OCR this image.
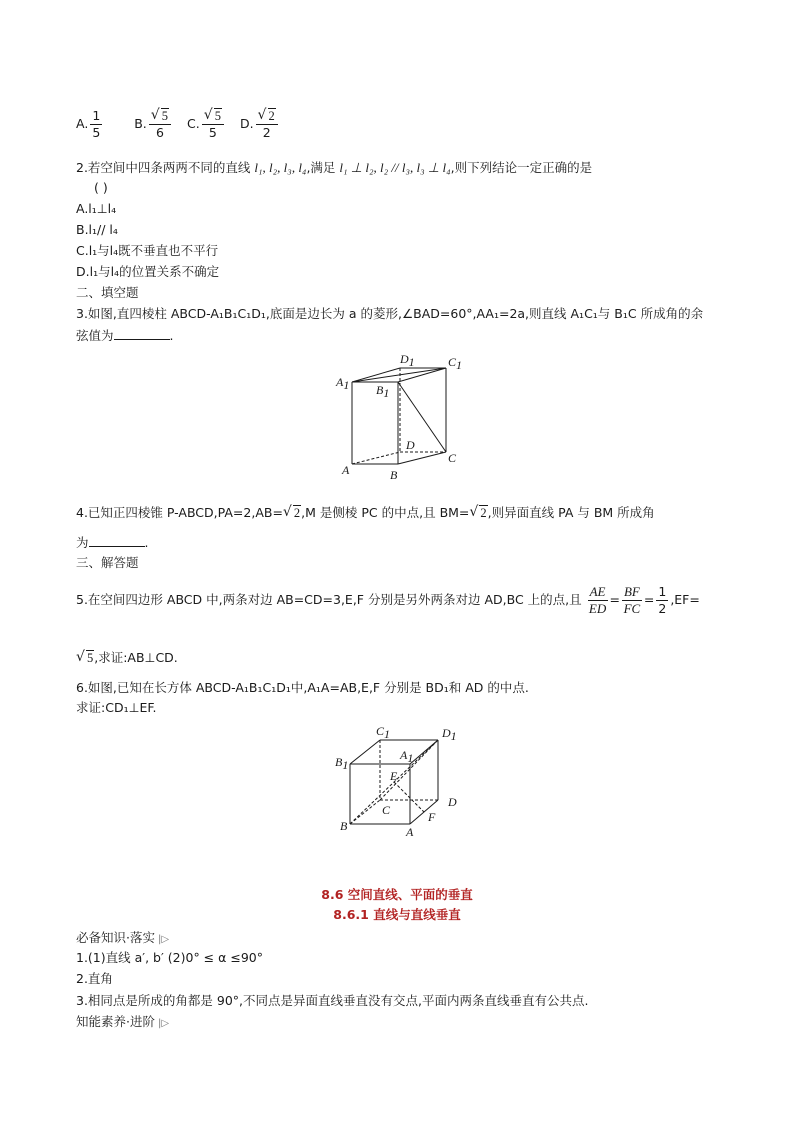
A. $\frac{1}{5}$	B. √ $\frac{5}{6} C$. √ $\frac{5}{5} D$. √ $\frac{2}{2}$
2.若空间中四条两两不同的直线 l₁, l₂, l₃, l₄,满足 l₁ ⊥ l₂, l₂ // l₃, l₃ ⊥ l₄,则下列结论一定正确的是
( )
A.l₁⊥l₄
B.l₁// l₄
C.l₁与l₄既不垂直也不平行
D.l₁与l₄的位置关系不确定
二、填空题
3.如图,直四棱柱 ABCD-A₁B₁C₁D₁,底面是边长为 a 的菱形,∠BAD=60°,AA₁=2a,则直线 A₁C₁与 B₁C 所成角的余
弦值为	.
A1 B1
D1	C1
D
C
A	B
4.已知正四棱锥 P-ABCD,PA=2,AB= √ 2,M 是侧棱 PC 的中点,且 BM= √ 2,则异面直线 PA 与 BM 所成角
为	.
三、解答题
5.在空间四边形 ABCD 中,两条对边 AB=CD=3,E,F 分别是另外两条对边 AD,BC 上的点,且 $\frac{AE}{ED} = \frac{BF}{FC} = \frac{1}{2} ,EF=$
√ 5,求证:AB⊥CD.
6.如图,已知在长方体 ABCD-A₁B₁C₁D₁中,A₁A=AB,E,F 分别是 BD₁和 AD 的中点.
求证:CD₁⊥EF.
C1	D1
B1
A1
E
C
D
F
B	A
8.6 空间直线、平面的垂直
8.6.1 直线与直线垂直
必备知识·落实 |▷
1.(1)直线 a′, b′ (2)0° ≤ α ≤90°
2.直角
3.相同点是所成的角都是 90°,不同点是异面直线垂直没有交点,平面内两条直线垂直有公共点.
知能素养·进阶 |▷
